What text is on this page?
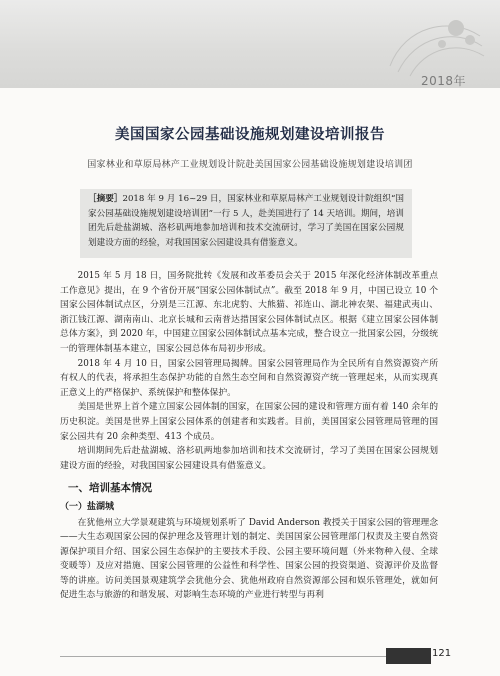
2018年
美国国家公园基础设施规划建设培训报告
国家林业和草原局林产工业规划设计院赴美国国家公园基础设施规划建设培训团
［摘要］2018 年 9 月 16~29 日，国家林业和草原局林产工业规划设计院组织“国家公园基础设施规划建设培训团”一行 5 人，赴美国进行了 14 天培训。期间，培训团先后赴盐湖城、洛杉矶两地参加培训和技术交流研讨，学习了美国在国家公园规划建设方面的经验，对我国国家公园建设具有借鉴意义。

2015 年 5 月 18 日，国务院批转《发展和改革委员会关于 2015 年深化经济体制改革重点工作意见》提出，在 9 个省份开展“国家公园体制试点”。截至 2018 年 9 月，中国已设立 10 个国家公园体制试点区，分别是三江源、东北虎豹、大熊猫、祁连山、湖北神农架、福建武夷山、浙江钱江源、湖南南山、北京长城和云南普达措国家公园体制试点区。根据《建立国家公园体制总体方案》，到 2020 年，中国建立国家公园体制试点基本完成，整合设立一批国家公园，分级统一的管理体制基本建立，国家公园总体布局初步形成。

2018 年 4 月 10 日，国家公园管理局揭牌。国家公园管理局作为全民所有自然资源资产所有权人的代表，将承担生态保护功能的自然生态空间和自然资源资产统一管理起来，从而实现真正意义上的严格保护、系统保护和整体保护。

美国是世界上首个建立国家公园体制的国家，在国家公园的建设和管理方面有着 140 余年的历史积淀。美国是世界上国家公园体系的创建者和实践者。目前，美国国家公园管理局管理的国家公园共有 20 余种类型、413 个成员。

培训期间先后赴盐湖城、洛杉矶两地参加培训和技术交流研讨，学习了美国在国家公园规划建设方面的经验，对我国国家公园建设具有借鉴意义。

一、培训基本情况
（一）盐湖城

在犹他州立大学景观建筑与环境规划系听了 David Anderson 教授关于国家公园的管理理念——大生态观国家公园的保护理念及管理计划的制定、美国国家公园管理部门权责及主要自然资源保护项目介绍、国家公园生态保护的主要技术手段、公园主要环境问题（外来物种入侵、全球变暖等）及应对措施、国家公园管理的公益性和科学性、国家公园的投资渠道、资源评价及监督等的讲座。访问美国景观建筑学会犹他分会、犹他州政府自然资源部公园和娱乐管理处，就如何促进生态与旅游的和谐发展、对影响生态环境的产业进行转型与再利

121
